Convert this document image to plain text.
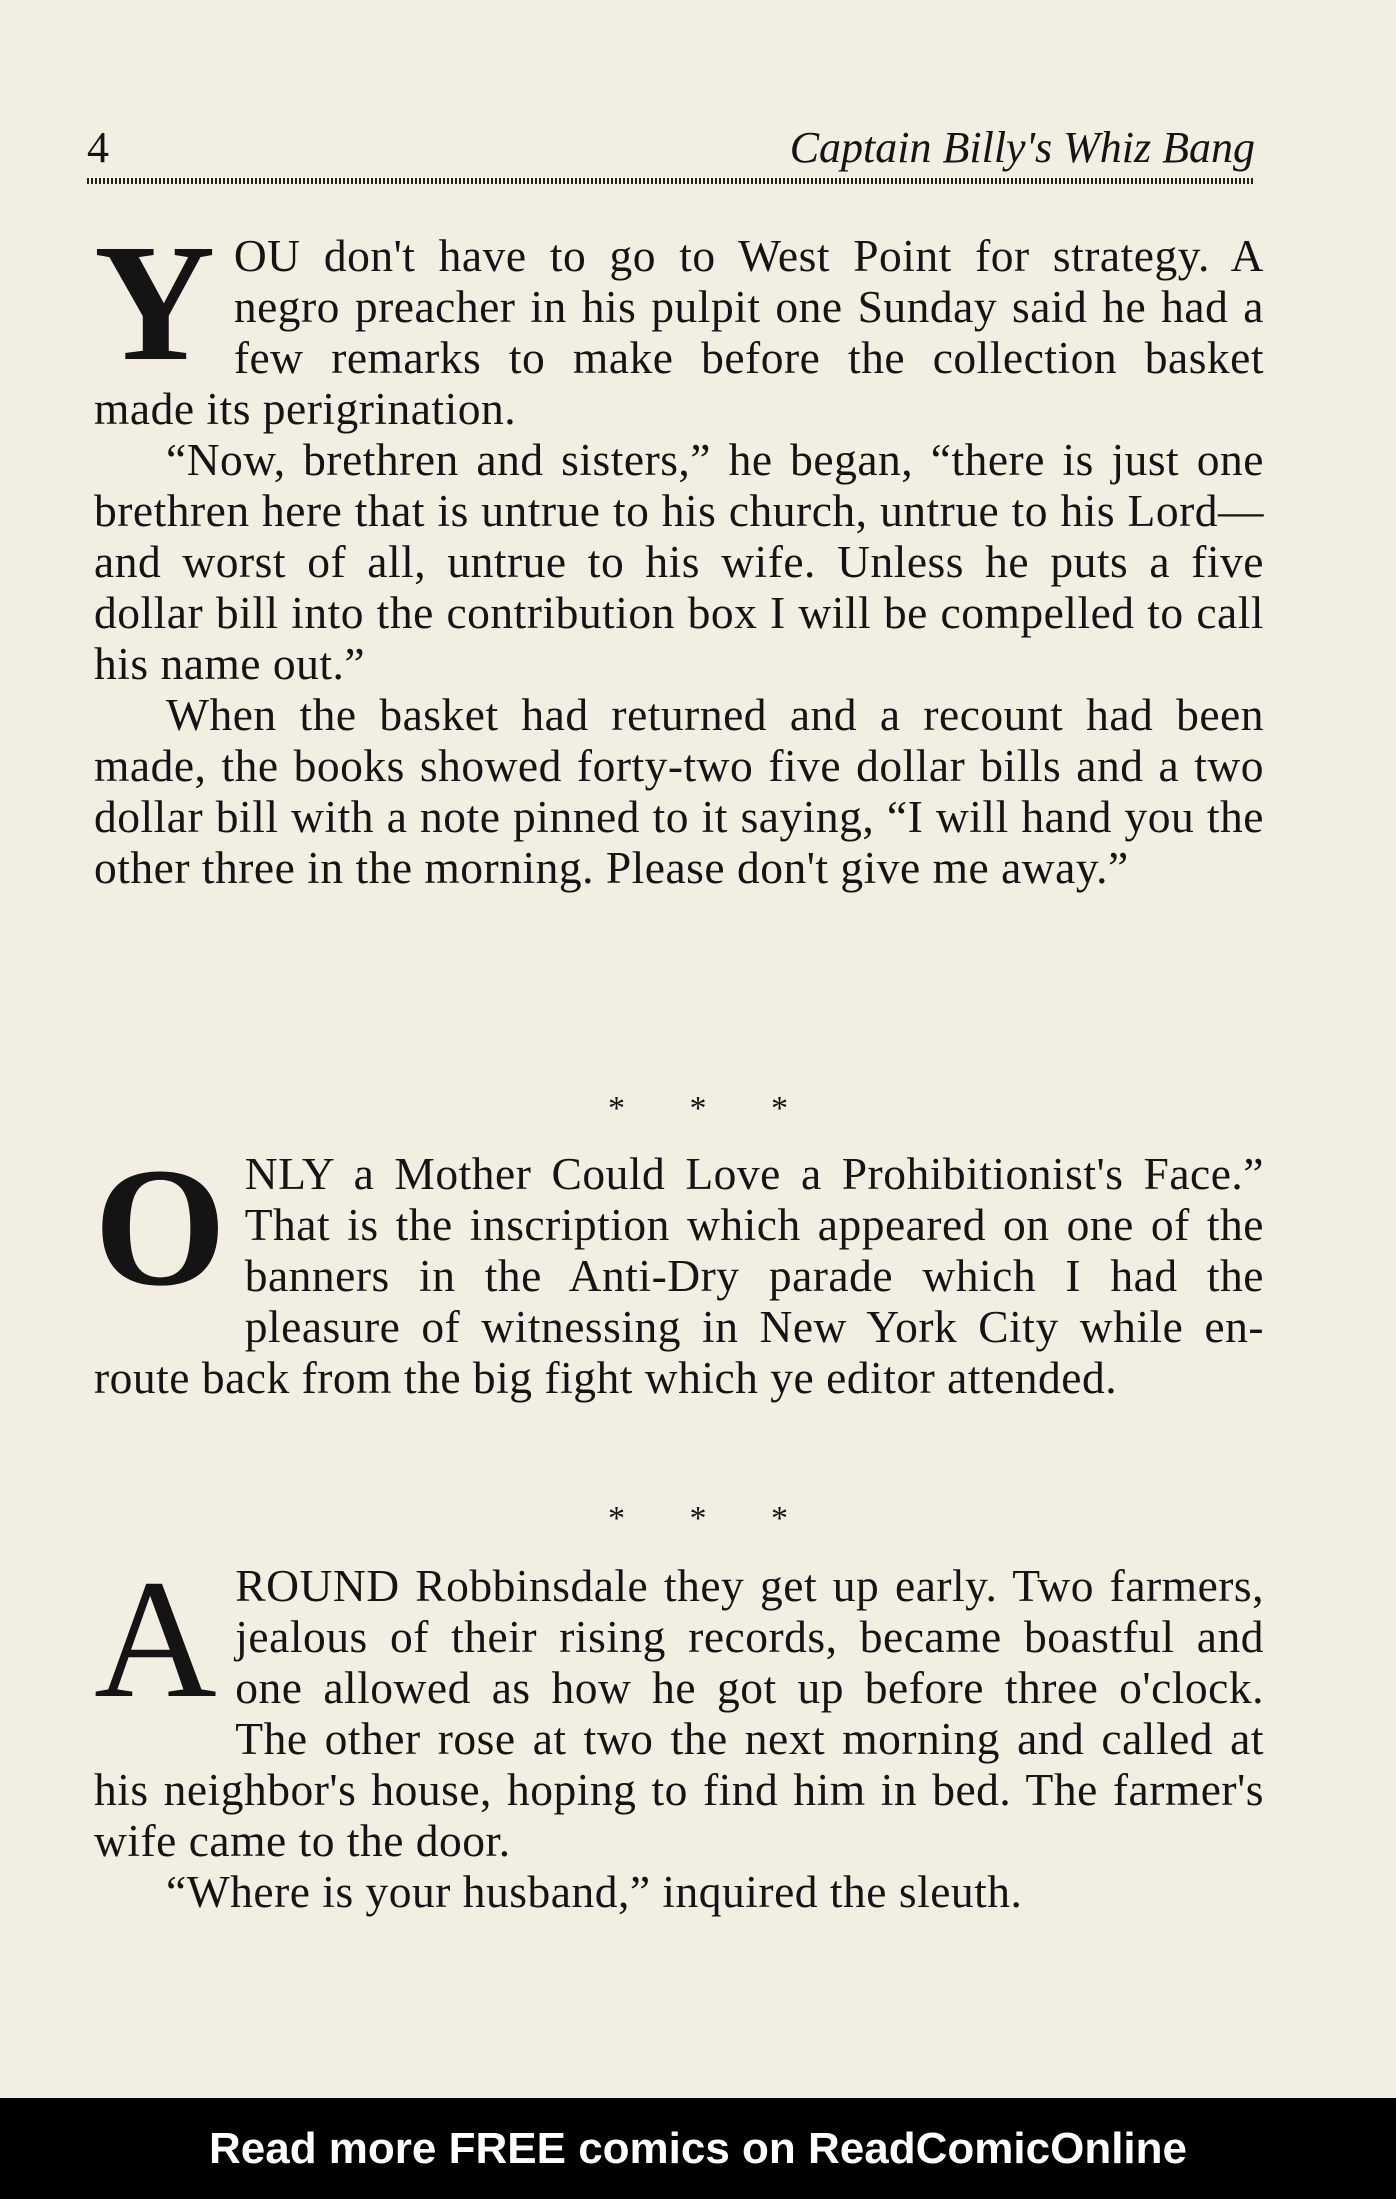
4	Captain Billy's Whiz Bang
Y OU don't have to go to West Point for strategy. A negro preacher in his pulpit one Sunday said he had a few remarks to make before the collection basket made its perigrination.

“Now, brethren and sisters,” he began, “there is just one brethren here that is untrue to his church, untrue to his Lord—and worst of all, untrue to his wife. Unless he puts a five dollar bill into the contribution box I will be compelled to call his name out.”

When the basket had returned and a recount had been made, the books showed forty-two five dollar bills and a two dollar bill with a note pinned to it saying, “I will hand you the other three in the morning. Please don't give me away.”

* * *
O NLY a Mother Could Love a Prohibitionist's Face.” That is the inscription which appeared on one of the banners in the Anti-Dry parade which I had the pleasure of witnessing in New York City while en-route back from the big fight which ye editor attended.

* * *
A ROUND Robbinsdale they get up early. Two farmers, jealous of their rising records, became boastful and one allowed as how he got up before three o'clock. The other rose at two the next morning and called at his neighbor's house, hoping to find him in bed. The farmer's wife came to the door.

“Where is your husband,” inquired the sleuth.

Read more FREE comics on ReadComicOnline
